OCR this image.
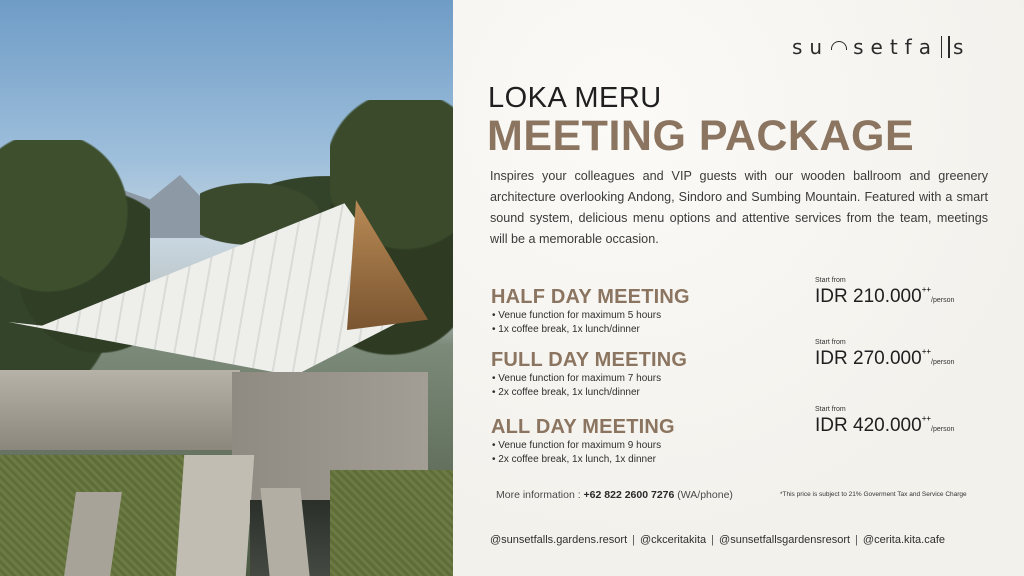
su setfa s
LOKA MERU
MEETING PACKAGE
Inspires your colleagues and VIP guests with our wooden ballroom and greenery architecture overlooking Andong, Sindoro and Sumbing Mountain. Featured with a smart sound system, delicious menu options and attentive services from the team, meetings will be a memorable occasion.
HALF DAY MEETING
• Venue function for maximum 5 hours
• 1x coffee break, 1x lunch/dinner
Start from
IDR 210.000++/person
FULL DAY MEETING
• Venue function for maximum 7 hours
• 2x coffee break, 1x lunch/dinner
Start from
IDR 270.000++/person
ALL DAY MEETING
• Venue function for maximum 9 hours
• 2x coffee break, 1x lunch, 1x dinner
Start from
IDR 420.000++/person
More information : +62 822 2600 7276 (WA/phone)	*This price is subject to 21% Goverment Tax and Service Charge
@sunsetfalls.gardens.resort | @ckceritakita | @sunsetfallsgardensresort | @cerita.kita.cafe
